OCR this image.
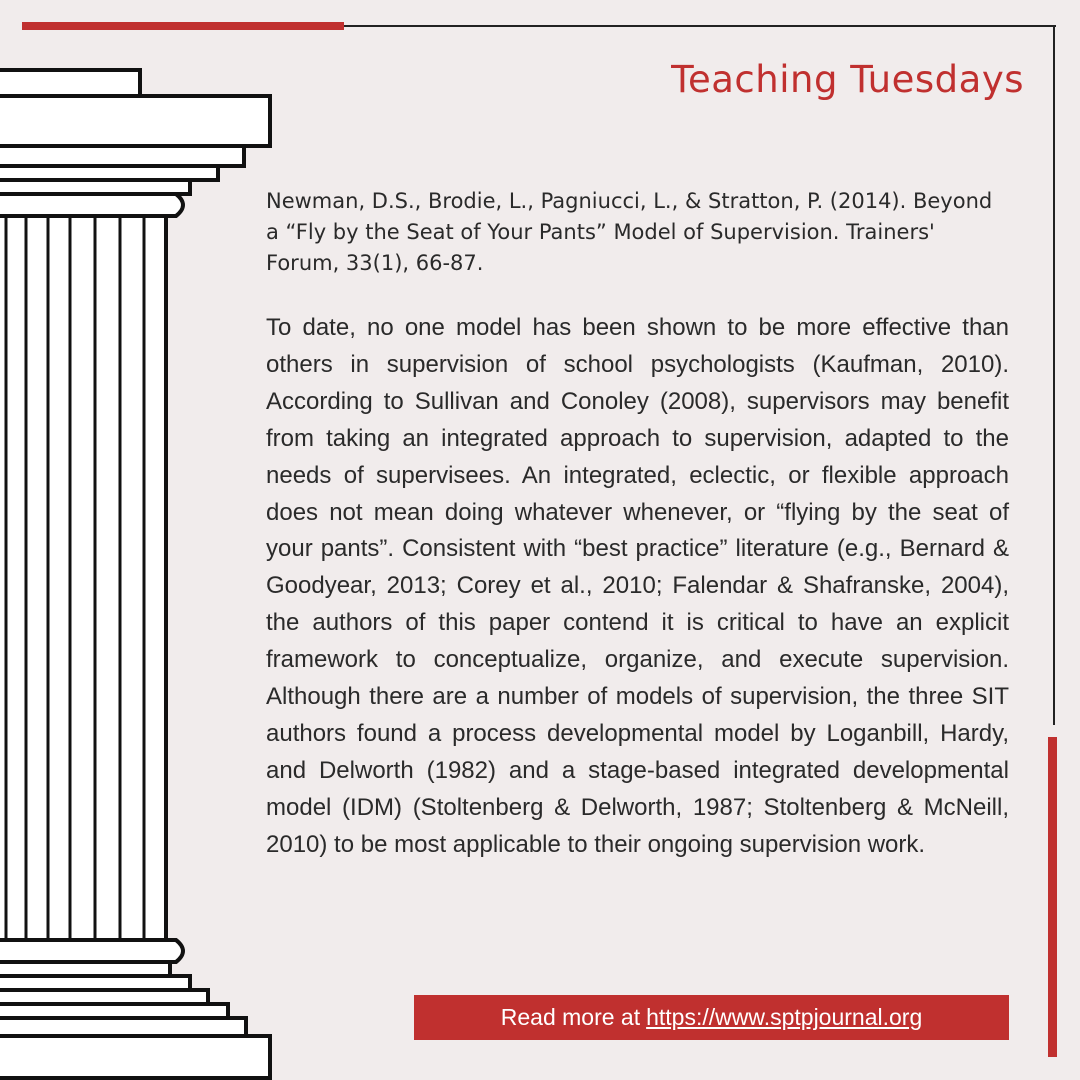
Teaching Tuesdays
Newman, D.S., Brodie, L., Pagniucci, L., & Stratton, P. (2014). Beyond a “Fly by the Seat of Your Pants” Model of Supervision. Trainers' Forum, 33(1), 66-87.
To date, no one model has been shown to be more effective than others in supervision of school psychologists (Kaufman, 2010). According to Sullivan and Conoley (2008), supervisors may benefit from taking an integrated approach to supervision, adapted to the needs of supervisees. An integrated, eclectic, or flexible approach does not mean doing whatever whenever, or “flying by the seat of your pants”. Consistent with “best practice” literature (e.g., Bernard & Goodyear, 2013; Corey et al., 2010; Falendar & Shafranske, 2004), the authors of this paper contend it is critical to have an explicit framework to conceptualize, organize, and execute supervision. Although there are a number of models of supervision, the three SIT authors found a process developmental model by Loganbill, Hardy, and Delworth (1982) and a stage-based integrated developmental model (IDM) (Stoltenberg & Delworth, 1987; Stoltenberg & McNeill, 2010) to be most applicable to their ongoing supervision work.
Read more at https://www.sptpjournal.org
